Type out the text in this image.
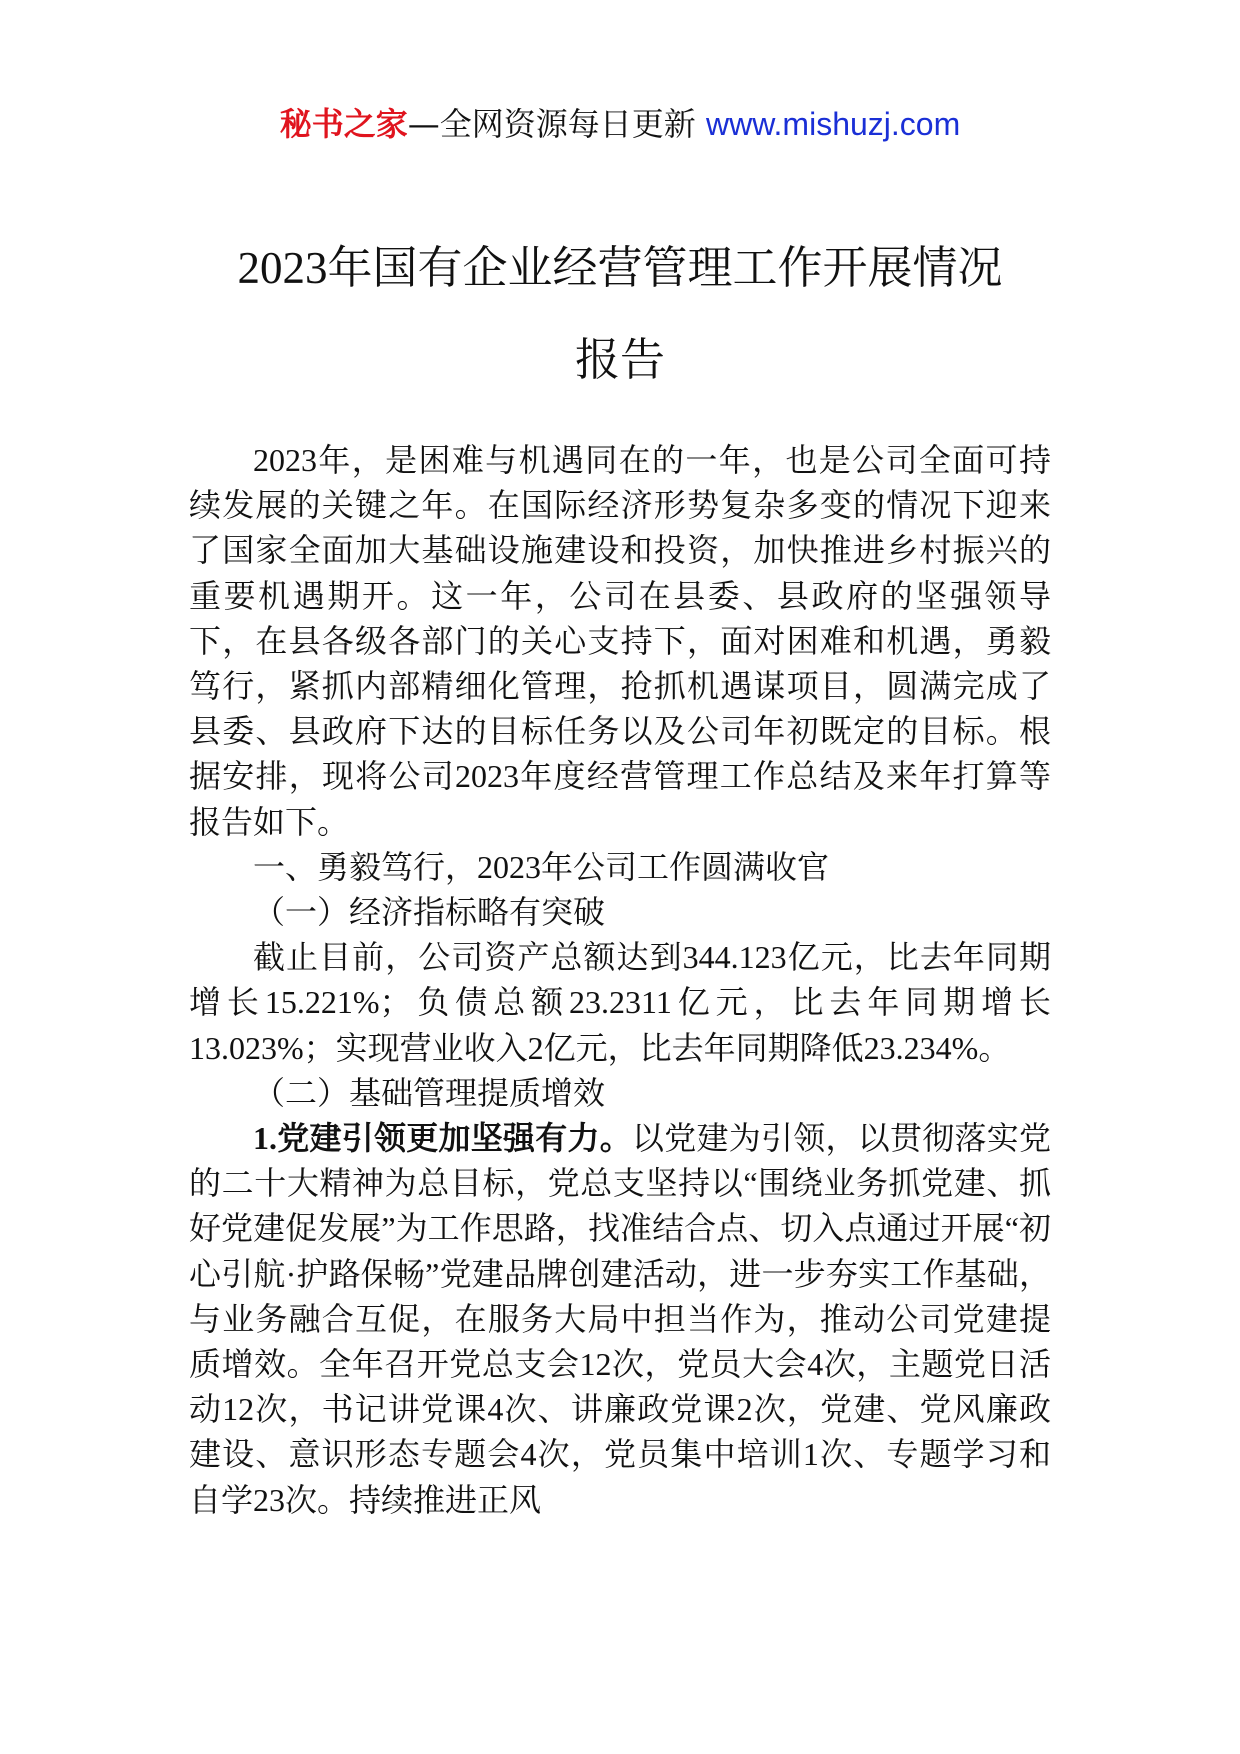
秘书之家—全网资源每日更新 www.mishuzj.com
2023年国有企业经营管理工作开展情况
报告

2023年，是困难与机遇同在的一年，也是公司全面可持续发展的关键之年。在国际经济形势复杂多变的情况下迎来了国家全面加大基础设施建设和投资，加快推进乡村振兴的重要机遇期开。这一年，公司在县委、县政府的坚强领导下，在县各级各部门的关心支持下，面对困难和机遇，勇毅笃行，紧抓内部精细化管理，抢抓机遇谋项目，圆满完成了县委、县政府下达的目标任务以及公司年初既定的目标。根据安排，现将公司2023年度经营管理工作总结及来年打算等报告如下。

一、勇毅笃行，2023年公司工作圆满收官

（一）经济指标略有突破

截止目前，公司资产总额达到344.123亿元，比去年同期增长15.221%；负债总额23.2311亿元，比去年同期增长13.023%；实现营业收入2亿元，比去年同期降低23.234%。

（二）基础管理提质增效

1.党建引领更加坚强有力。以党建为引领，以贯彻落实党的二十大精神为总目标，党总支坚持以“围绕业务抓党建、抓好党建促发展”为工作思路，找准结合点、切入点通过开展“初心引航·护路保畅”党建品牌创建活动，进一步夯实工作基础，与业务融合互促，在服务大局中担当作为，推动公司党建提质增效。全年召开党总支会12次，党员大会4次，主题党日活动12次，书记讲党课4次、讲廉政党课2次，党建、党风廉政建设、意识形态专题会4次，党员集中培训1次、专题学习和自学23次。持续推进正风
